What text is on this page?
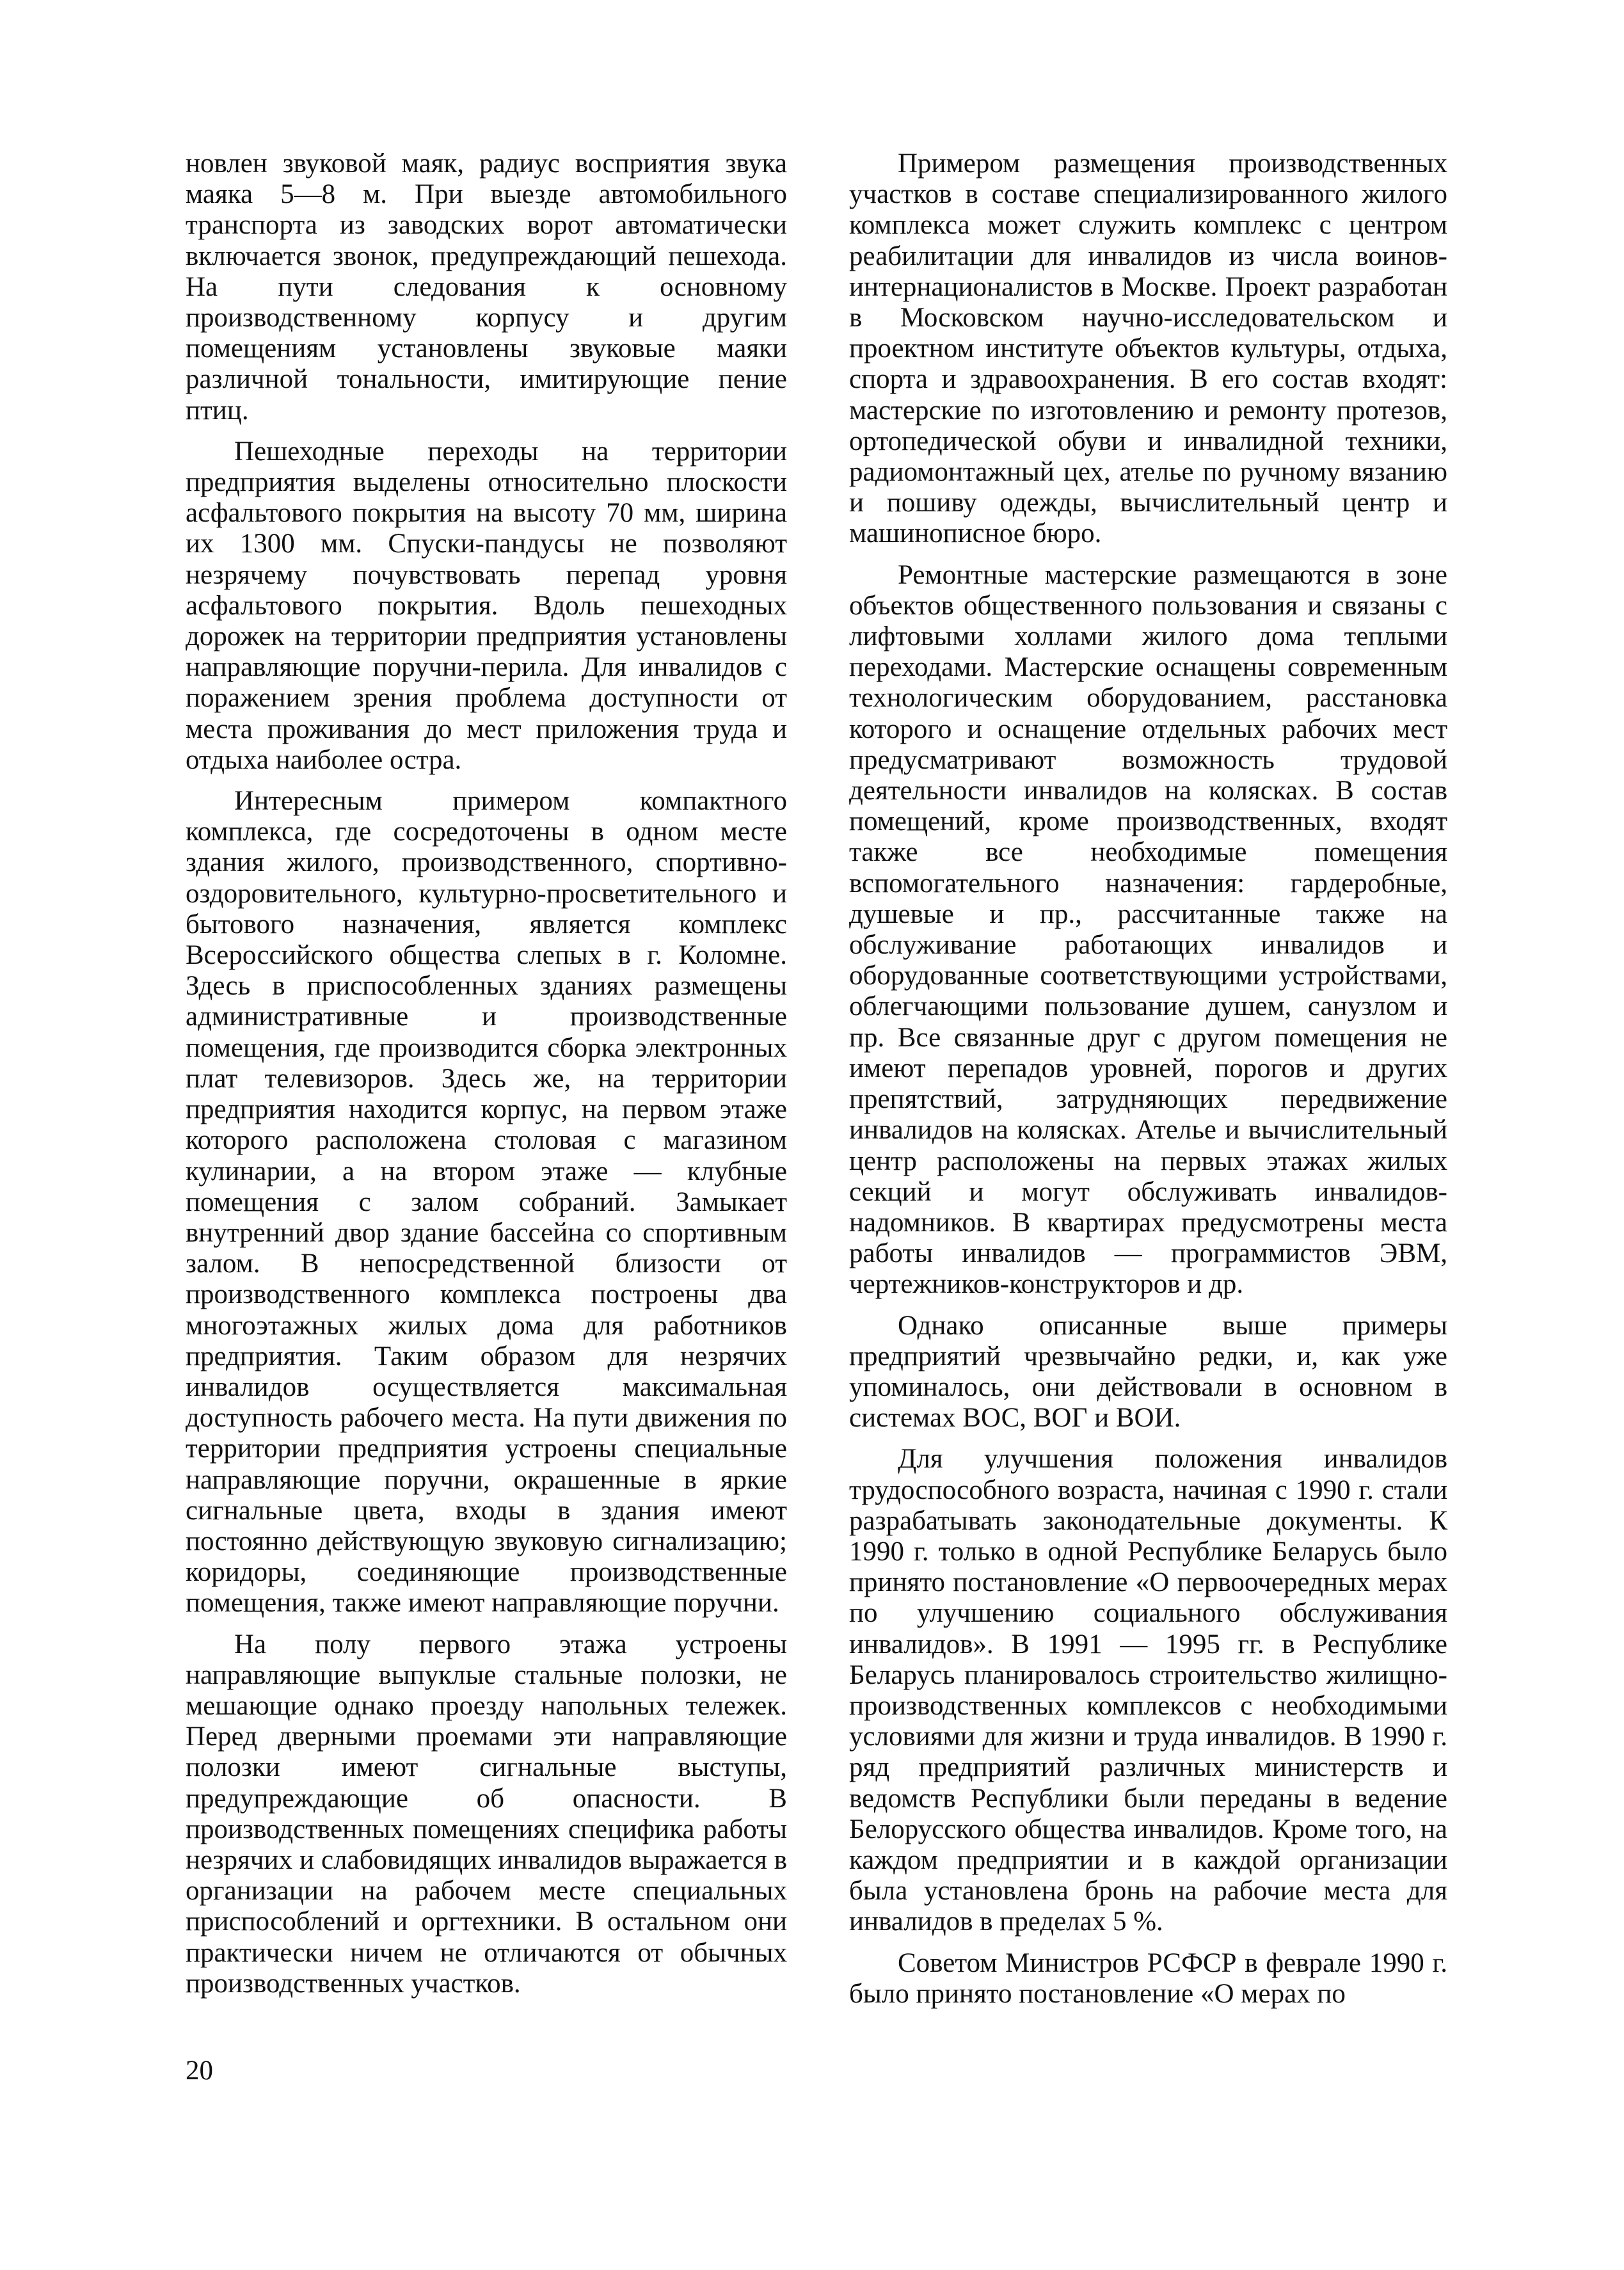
новлен звуковой маяк, радиус восприятия звука маяка 5—8 м. При выезде автомобильного транспорта из заводских ворот автоматически включается звонок, предупреждающий пешехода. На пути следования к основному производственному корпусу и другим помещениям установлены звуковые маяки различной тональности, имитирующие пение птиц.

Пешеходные переходы на территории предприятия выделены относительно плоскости асфальтового покрытия на высоту 70 мм, ширина их 1300 мм. Спуски-пандусы не позволяют незрячему почувствовать перепад уровня асфальтового покрытия. Вдоль пешеходных дорожек на территории предприятия установлены направляющие поручни-перила. Для инвалидов с поражением зрения проблема доступности от места проживания до мест приложения труда и отдыха наиболее острa.

Интересным примером компактного комплекса, где сосредоточены в одном месте здания жилого, производственного, спортивно-оздоровительного, культурно-просветительного и бытового назначения, является комплекс Всероссийского общества слепых в г. Коломне. Здесь в приспособленных зданиях размещены административные и производственные помещения, где производится сборка электронных плат телевизоров. Здесь же, на территории предприятия находится корпус, на первом этаже которого расположена столовая с магазином кулинарии, а на втором этаже — клубные помещения с залом собраний. Замыкает внутренний двор здание бассейна со спортивным залом. В непосредственной близости от производственного комплекса построены два многоэтажных жилых дома для работников предприятия. Таким образом для незрячих инвалидов осуществляется максимальная доступность рабочего места. На пути движения по территории предприятия устроены специальные направляющие поручни, окрашенные в яркие сигнальные цвета, входы в здания имеют постоянно действующую звуковую сигнализацию; коридоры, соединяющие производственные помещения, также имеют направляющие поручни.

На полу первого этажа устроены направляющие выпуклые стальные полозки, не мешающие однако проезду напольных тележек. Перед дверными проемами эти направляющие полозки имеют сигнальные выступы, предупреждающие об опасности. В производственных помещениях специфика работы незрячих и слабовидящих инвалидов выражается в организации на рабочем месте специальных приспособлений и оргтехники. В остальном они практически ничем не отличаются от обычных производственных участков.

Примером размещения производственных участков в составе специализированного жилого комплекса может служить комплекс с центром реабилитации для инвалидов из числа воинов-интернационалистов в Москве. Проект разработан в Московском научно-исследовательском и проектном институте объектов культуры, отдыха, спорта и здравоохранения. В его состав входят: мастерские по изготовлению и ремонту протезов, ортопедической обуви и инвалидной техники, радиомонтажный цех, ателье по ручному вязанию и пошиву одежды, вычислительный центр и машинописное бюро.

Ремонтные мастерские размещаются в зоне объектов общественного пользования и связаны с лифтовыми холлами жилого дома теплыми переходами. Мастерские оснащены современным технологическим оборудованием, расстановка которого и оснащение отдельных рабочих мест предусматривают возможность трудовой деятельности инвалидов на колясках. В состав помещений, кроме производственных, входят также все необходимые помещения вспомогательного назначения: гардеробные, душевые и пр., рассчитанные также на обслуживание работающих инвалидов и оборудованные соответствующими устройствами, облегчающими пользование душем, санузлом и пр. Все связанные друг с другом помещения не имеют перепадов уровней, порогов и других препятствий, затрудняющих передвижение инвалидов на колясках. Ателье и вычислительный центр расположены на первых этажах жилых секций и могут обслуживать инвалидов-надомников. В квартирах предусмотрены места работы инвалидов — программистов ЭВМ, чертежников-конструкторов и др.

Однако описанные выше примеры предприятий чрезвычайно редки, и, как уже упоминалось, они действовали в основном в системах ВОС, ВОГ и ВОИ.

Для улучшения положения инвалидов трудоспособного возраста, начиная с 1990 г. стали разрабатывать законодательные документы. К 1990 г. только в одной Республике Беларусь было принято постановление «О первоочередных мерах по улучшению социального обслуживания инвалидов». В 1991 — 1995 гг. в Республике Беларусь планировалось строительство жилищно-производственных комплексов с необходимыми условиями для жизни и труда инвалидов. В 1990 г. ряд предприятий различных министерств и ведомств Республики были переданы в ведение Белорусского общества инвалидов. Кроме того, на каждом предприятии и в каждой организации была установлена бронь на рабочие места для инвалидов в пределах 5 %.

Советом Министров РСФСР в феврале 1990 г. было принято постановление «О мерах по

20
